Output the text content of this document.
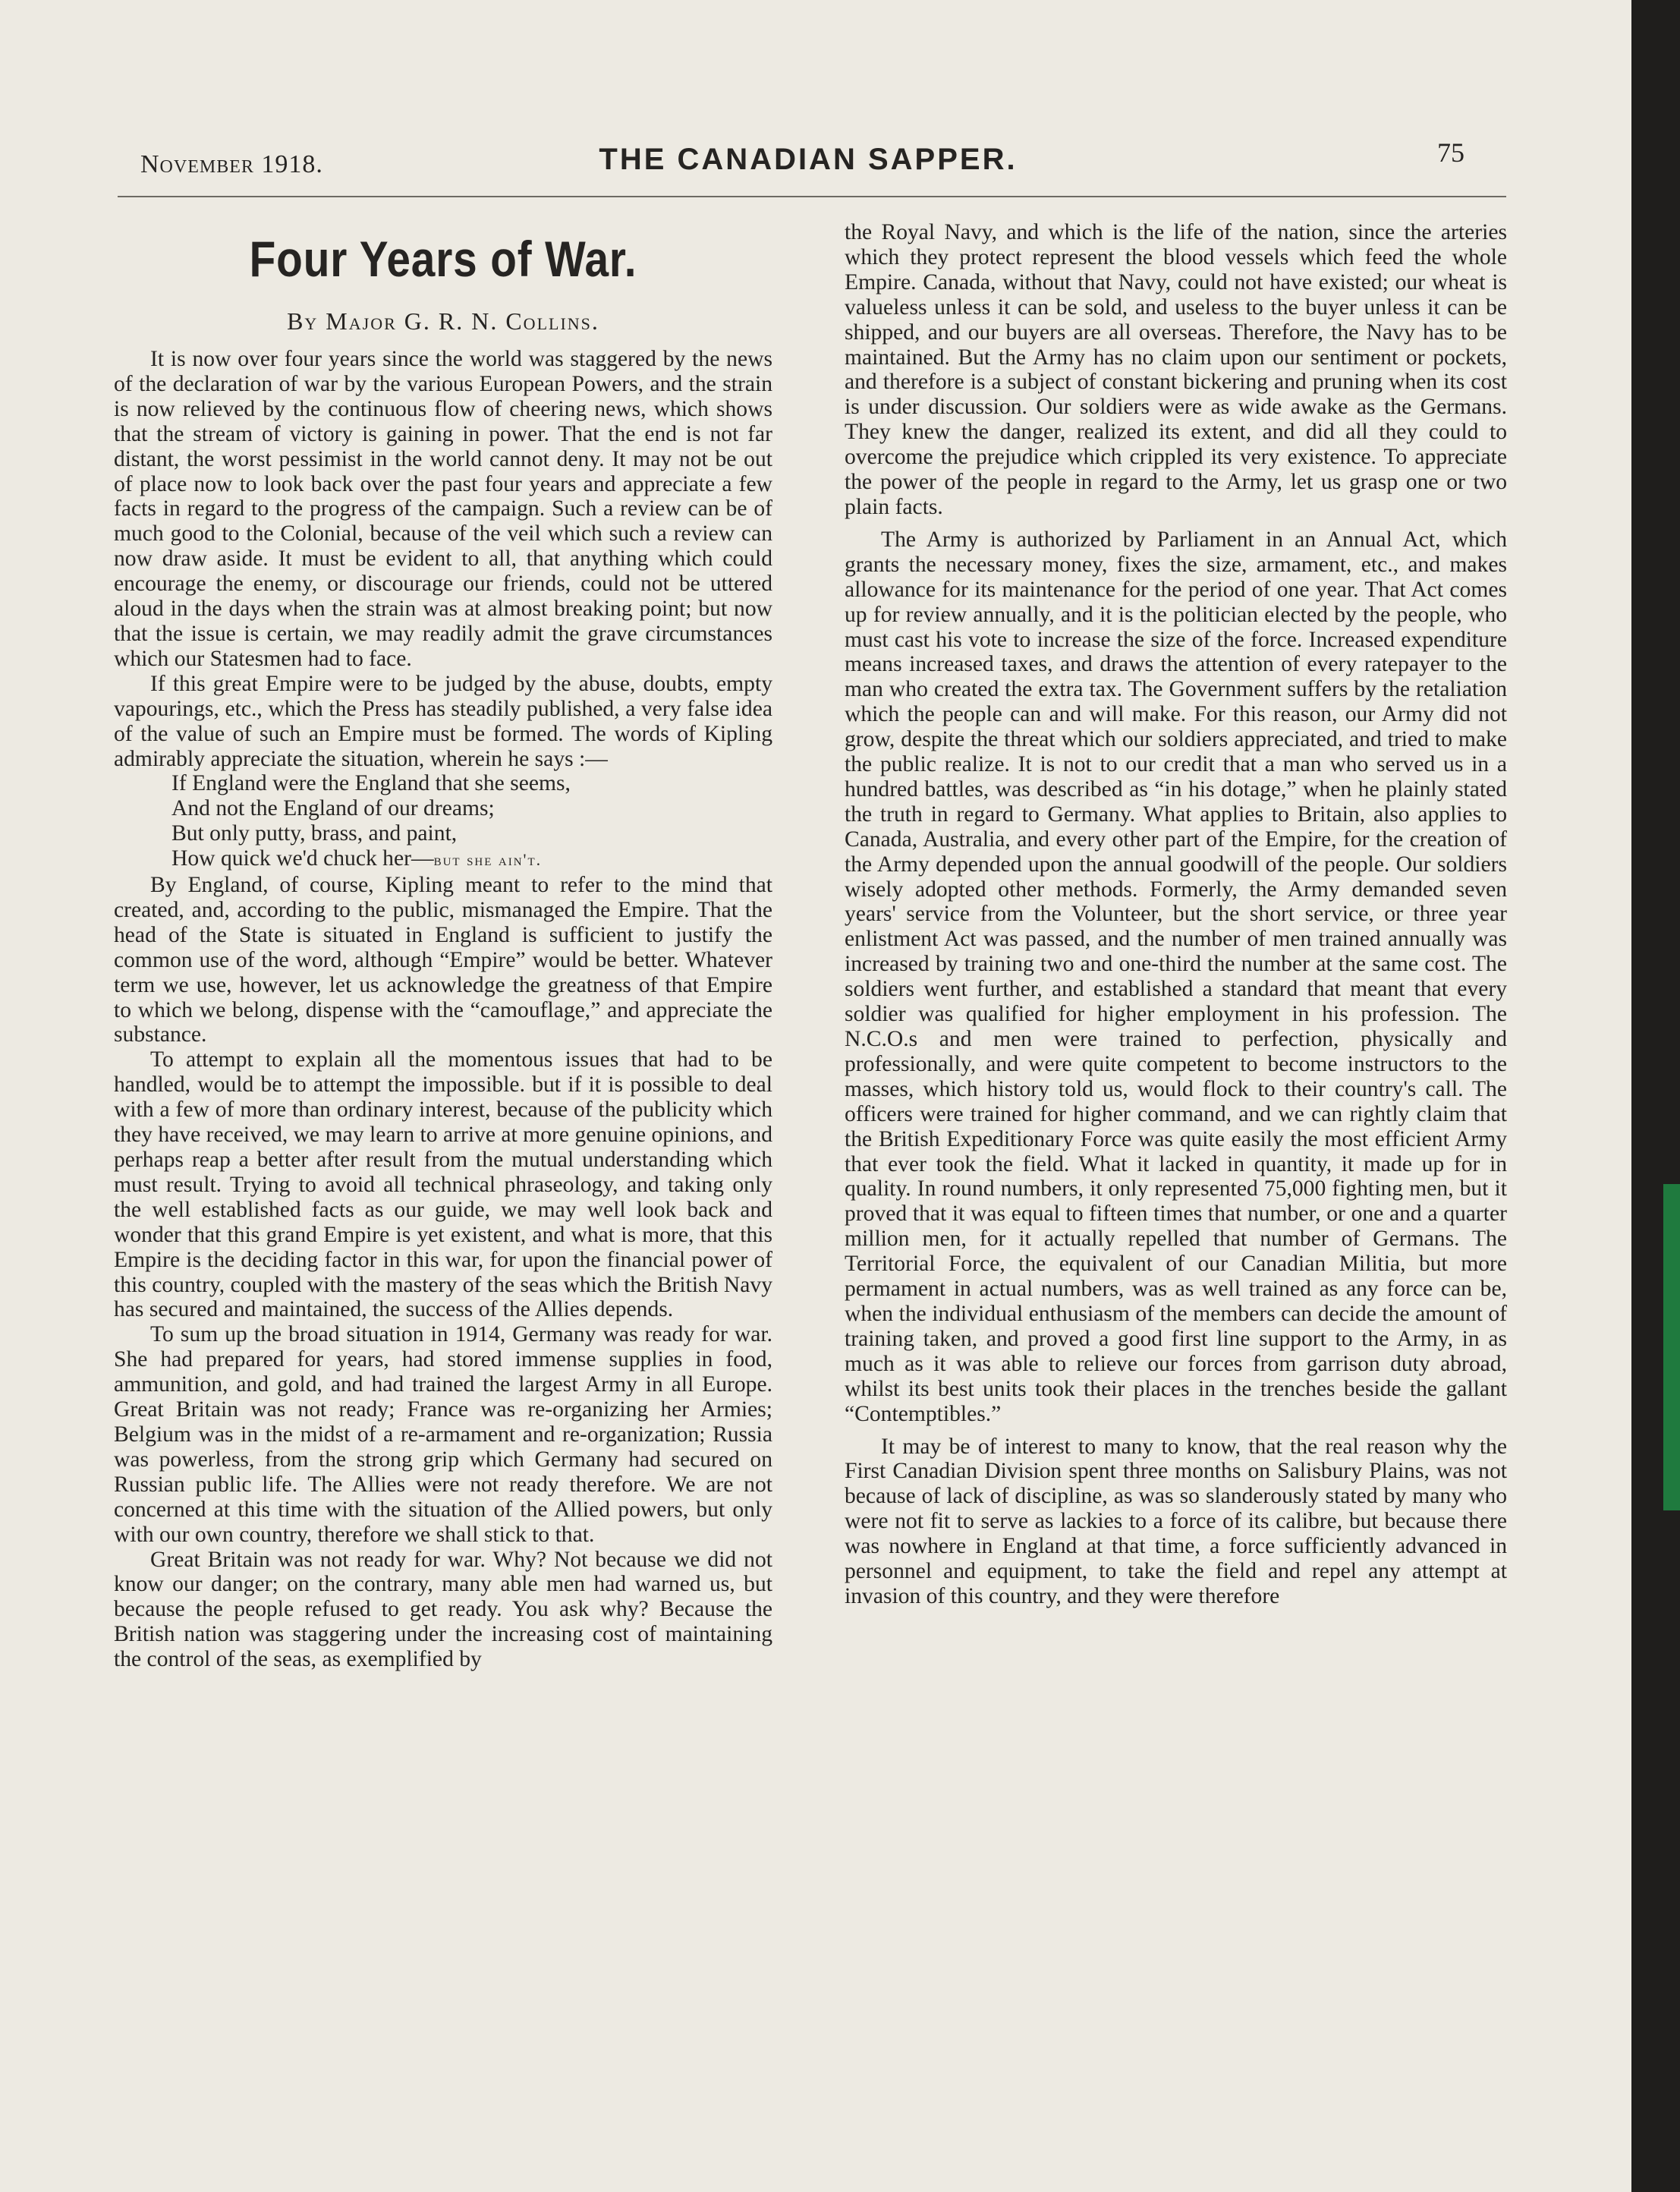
November 1918.	THE CANADIAN SAPPER.	75
Four Years of War.
By Major G. R. N. Collins.

It is now over four years since the world was staggered by the news of the declaration of war by the various European Powers, and the strain is now relieved by the continuous flow of cheering news, which shows that the stream of victory is gaining in power. That the end is not far distant, the worst pessimist in the world cannot deny. It may not be out of place now to look back over the past four years and appreciate a few facts in regard to the progress of the campaign. Such a review can be of much good to the Colonial, because of the veil which such a review can now draw aside. It must be evident to all, that anything which could encourage the enemy, or discourage our friends, could not be uttered aloud in the days when the strain was at almost breaking point; but now that the issue is certain, we may readily admit the grave circumstances which our Statesmen had to face.

If this great Empire were to be judged by the abuse, doubts, empty vapourings, etc., which the Press has steadily published, a very false idea of the value of such an Empire must be formed. The words of Kipling admirably appreciate the situation, wherein he says :—

If England were the England that she seems,
And not the England of our dreams;
But only putty, brass, and paint,
How quick we'd chuck her—but she ain't.

By England, of course, Kipling meant to refer to the mind that created, and, according to the public, mismanaged the Empire. That the head of the State is situated in England is sufficient to justify the common use of the word, although “Empire” would be better. Whatever term we use, however, let us acknowledge the greatness of that Empire to which we belong, dispense with the “camouflage,” and appreciate the substance.

To attempt to explain all the momentous issues that had to be handled, would be to attempt the impossible. but if it is possible to deal with a few of more than ordinary interest, because of the publicity which they have received, we may learn to arrive at more genuine opinions, and perhaps reap a better after result from the mutual understanding which must result. Trying to avoid all technical phraseology, and taking only the well established facts as our guide, we may well look back and wonder that this grand Empire is yet existent, and what is more, that this Empire is the deciding factor in this war, for upon the financial power of this country, coupled with the mastery of the seas which the British Navy has secured and maintained, the success of the Allies depends.

To sum up the broad situation in 1914, Germany was ready for war. She had prepared for years, had stored immense supplies in food, ammunition, and gold, and had trained the largest Army in all Europe. Great Britain was not ready; France was re-organizing her Armies; Belgium was in the midst of a re-armament and re-organization; Russia was powerless, from the strong grip which Germany had secured on Russian public life. The Allies were not ready therefore. We are not concerned at this time with the situation of the Allied powers, but only with our own country, therefore we shall stick to that.

Great Britain was not ready for war. Why? Not because we did not know our danger; on the contrary, many able men had warned us, but because the people refused to get ready. You ask why? Because the British nation was staggering under the increasing cost of maintaining the control of the seas, as exemplified by

the Royal Navy, and which is the life of the nation, since the arteries which they protect represent the blood vessels which feed the whole Empire. Canada, without that Navy, could not have existed; our wheat is valueless unless it can be sold, and useless to the buyer unless it can be shipped, and our buyers are all overseas. Therefore, the Navy has to be maintained. But the Army has no claim upon our sentiment or pockets, and therefore is a subject of constant bickering and pruning when its cost is under discussion. Our soldiers were as wide awake as the Germans. They knew the danger, realized its extent, and did all they could to overcome the prejudice which crippled its very existence. To appreciate the power of the people in regard to the Army, let us grasp one or two plain facts.

The Army is authorized by Parliament in an Annual Act, which grants the necessary money, fixes the size, armament, etc., and makes allowance for its maintenance for the period of one year. That Act comes up for review annually, and it is the politician elected by the people, who must cast his vote to increase the size of the force. Increased expenditure means increased taxes, and draws the attention of every ratepayer to the man who created the extra tax. The Government suffers by the retaliation which the people can and will make. For this reason, our Army did not grow, despite the threat which our soldiers appreciated, and tried to make the public realize. It is not to our credit that a man who served us in a hundred battles, was described as “in his dotage,” when he plainly stated the truth in regard to Germany. What applies to Britain, also applies to Canada, Australia, and every other part of the Empire, for the creation of the Army depended upon the annual goodwill of the people. Our soldiers wisely adopted other methods. Formerly, the Army demanded seven years' service from the Volunteer, but the short service, or three year enlistment Act was passed, and the number of men trained annually was increased by training two and one-third the number at the same cost. The soldiers went further, and established a standard that meant that every soldier was qualified for higher employment in his profession. The N.C.O.s and men were trained to perfection, physically and professionally, and were quite competent to become instructors to the masses, which history told us, would flock to their country's call. The officers were trained for higher command, and we can rightly claim that the British Expeditionary Force was quite easily the most efficient Army that ever took the field. What it lacked in quantity, it made up for in quality. In round numbers, it only represented 75,000 fighting men, but it proved that it was equal to fifteen times that number, or one and a quarter million men, for it actually repelled that number of Germans. The Territorial Force, the equivalent of our Canadian Militia, but more permament in actual numbers, was as well trained as any force can be, when the individual enthusiasm of the members can decide the amount of training taken, and proved a good first line support to the Army, in as much as it was able to relieve our forces from garrison duty abroad, whilst its best units took their places in the trenches beside the gallant “Contemptibles.”

It may be of interest to many to know, that the real reason why the First Canadian Division spent three months on Salisbury Plains, was not because of lack of discipline, as was so slanderously stated by many who were not fit to serve as lackies to a force of its calibre, but because there was nowhere in England at that time, a force sufficiently advanced in personnel and equipment, to take the field and repel any attempt at invasion of this country, and they were therefore
